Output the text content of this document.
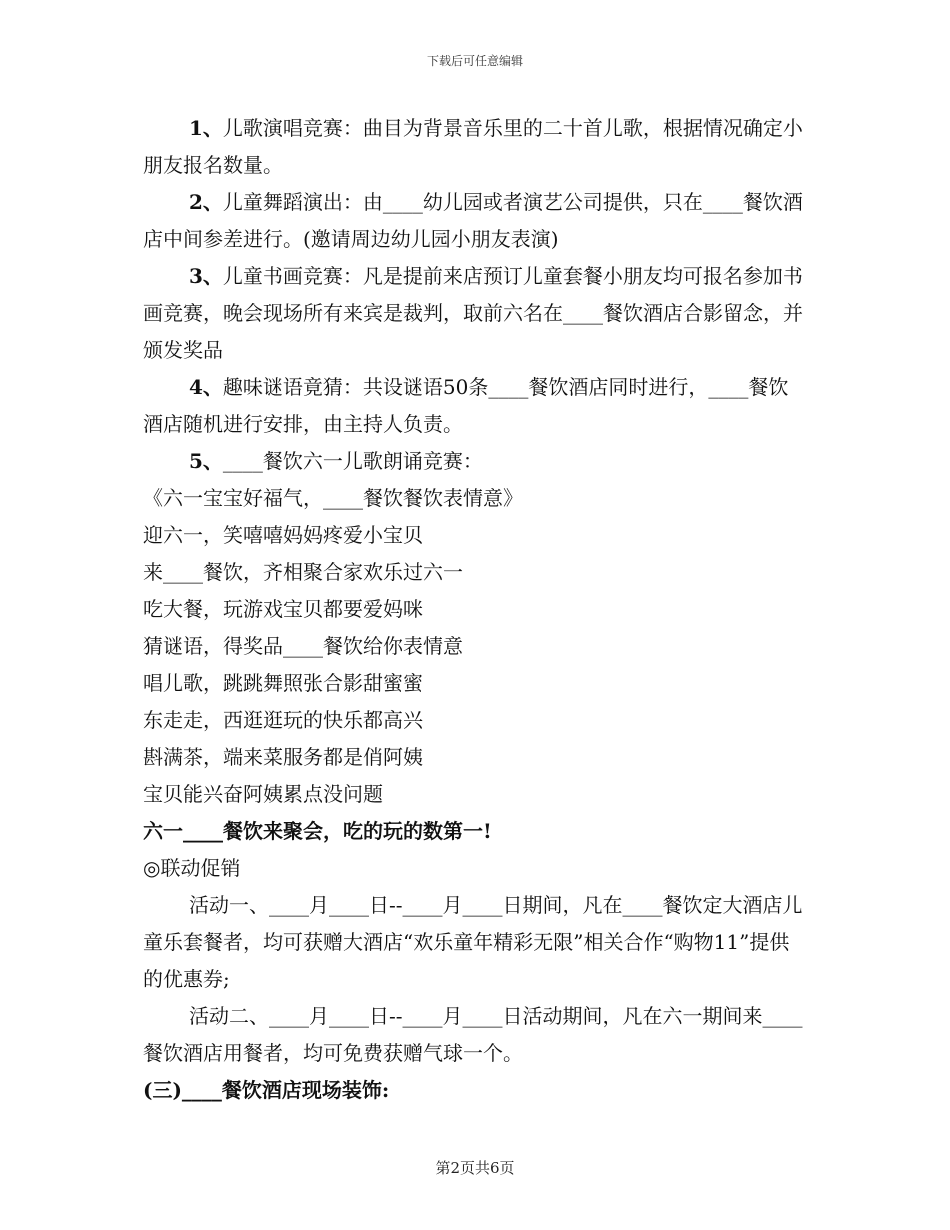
下载后可任意编辑

1、儿歌演唱竞赛：曲目为背景音乐里的二十首儿歌，根据情况确定小朋友报名数量。

2、儿童舞蹈演出：由____幼儿园或者演艺公司提供，只在____餐饮酒店中间参差进行。(邀请周边幼儿园小朋友表演)

3、儿童书画竞赛：凡是提前来店预订儿童套餐小朋友均可报名参加书画竞赛，晚会现场所有来宾是裁判，取前六名在____餐饮酒店合影留念，并颁发奖品

4、趣味谜语竟猜：共设谜语50条____餐饮酒店同时进行，____餐饮酒店随机进行安排，由主持人负责。

5、____餐饮六一儿歌朗诵竞赛：

《六一宝宝好福气，____餐饮餐饮表情意》

迎六一，笑嘻嘻妈妈疼爱小宝贝

来____餐饮，齐相聚合家欢乐过六一

吃大餐，玩游戏宝贝都要爱妈咪

猜谜语，得奖品____餐饮给你表情意

唱儿歌，跳跳舞照张合影甜蜜蜜

东走走，西逛逛玩的快乐都高兴

斟满茶，端来菜服务都是俏阿姨

宝贝能兴奋阿姨累点没问题

六一____餐饮来聚会，吃的玩的数第一!

◎联动促销

活动一、____月____日--____月____日期间，凡在____餐饮定大酒店儿童乐套餐者，均可获赠大酒店“欢乐童年精彩无限”相关合作“购物11”提供的优惠券;

活动二、____月____日--____月____日活动期间，凡在六一期间来____餐饮酒店用餐者，均可免费获赠气球一个。

(三)____餐饮酒店现场装饰:

第2页共6页
